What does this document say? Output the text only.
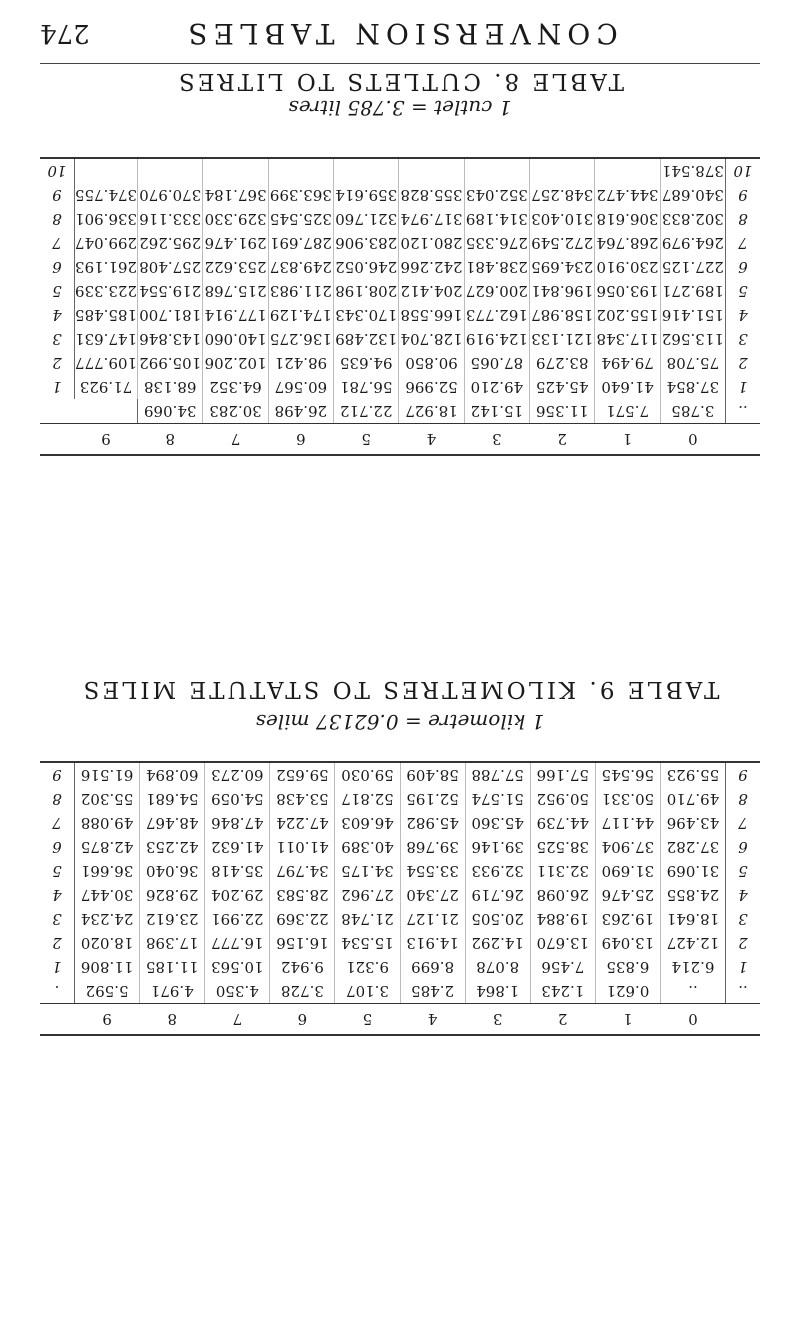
CONVERSION TABLES
274
TABLE 9. KILOMETRES TO STATUTE MILES
1 kilometre = 0.62137 miles
	0	1	2	3	4	5	6	7	8	9	
..	..	0.621	1.243	1.864	2.485	3.107	3.728	4.350	4.971	5.592	.
1	6.214	6.835	7.456	8.078	8.699	9.321	9.942	10.563	11.185	11.806	1
2	12.427	13.049	13.670	14.292	14.913	15.534	16.156	16.777	17.398	18.020	2
3	18.641	19.263	19.884	20.505	21.127	21.748	22.369	22.991	23.612	24.234	3
4	24.855	25.476	26.098	26.719	27.340	27.962	28.583	29.204	29.826	30.447	4
5	31.069	31.690	32.311	32.933	33.554	34.175	34.797	35.418	36.040	36.661	5
6	37.282	37.904	38.525	39.146	39.768	40.389	41.011	41.632	42.253	42.875	6
7	43.496	44.117	44.739	45.360	45.982	46.603	47.224	47.846	48.467	49.088	7
8	49.710	50.331	50.952	51.574	52.195	52.817	53.438	54.059	54.681	55.302	8
9	55.923	56.545	57.166	57.788	58.409	59.030	59.652	60.273	60.894	61.516	9
TABLE 8. CUTLETS TO LITRES
1 cutlet = 3.785 litres
	0	1	2	3	4	5	6	7	8	9	
..	3.785	7.571	11.356	15.142	18.927	22.712	26.498	30.283	34.069		
1	37.854	41.640	45.425	49.210	52.996	56.781	60.567	64.352	68.138	71.923	1
2	75.708	79.494	83.279	87.065	90.850	94.635	98.421	102.206	105.992	109.777	2
3	113.562	117.348	121.133	124.919	128.704	132.489	136.275	140.060	143.846	147.631	3
4	151.416	155.202	158.987	162.773	166.558	170.343	174.129	177.914	181.700	185.485	4
5	189.271	193.056	196.841	200.627	204.412	208.198	211.983	215.768	219.554	223.339	5
6	227.125	230.910	234.695	238.481	242.266	246.052	249.837	253.622	257.408	261.193	6
7	264.979	268.764	272.549	276.335	280.120	283.906	287.691	291.476	295.262	299.047	7
8	302.833	306.618	310.403	314.189	317.974	321.760	325.545	329.330	333.116	336.901	8
9	340.687	344.472	348.257	352.043	355.828	359.614	363.399	367.184	370.970	374.755	9
10	378.541										10
